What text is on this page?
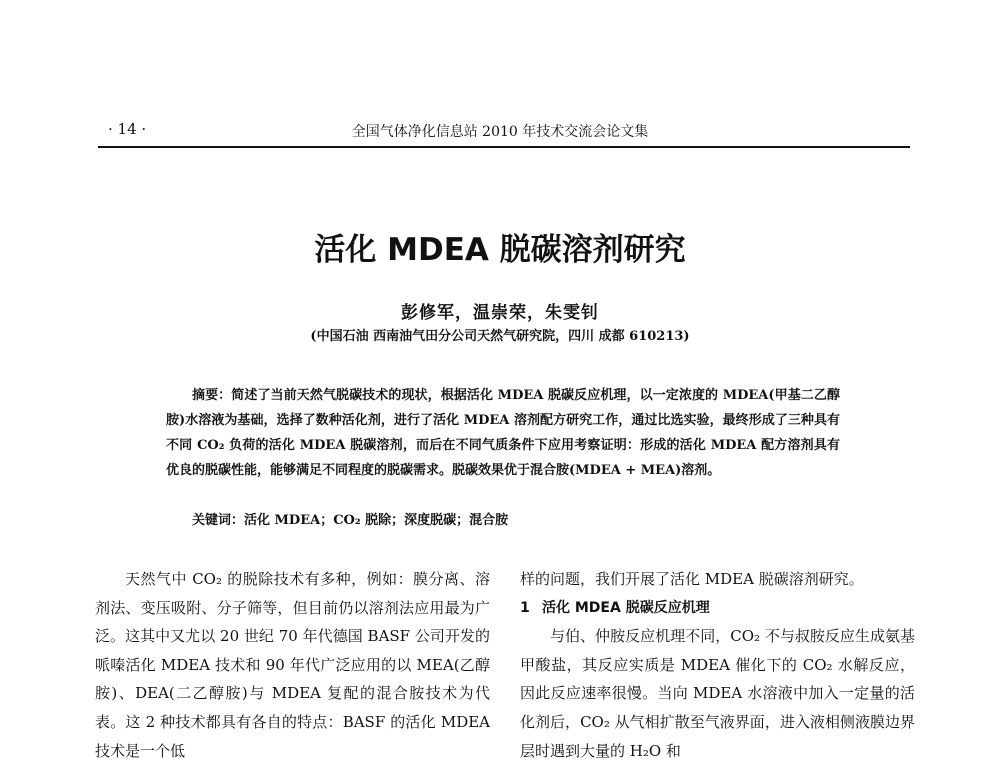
· 14 ·	全国气体净化信息站 2010 年技术交流会论文集
活化 MDEA 脱碳溶剂研究
彭修军，温崇荣，朱雯钊
(中国石油 西南油气田分公司天然气研究院，四川 成都 610213)
摘要：简述了当前天然气脱碳技术的现状，根据活化 MDEA 脱碳反应机理，以一定浓度的 MDEA(甲基二乙醇胺)水溶液为基础，选择了数种活化剂，进行了活化 MDEA 溶剂配方研究工作，通过比选实验，最终形成了三种具有不同 CO₂ 负荷的活化 MDEA 脱碳溶剂，而后在不同气质条件下应用考察证明：形成的活化 MDEA 配方溶剂具有优良的脱碳性能，能够满足不同程度的脱碳需求。脱碳效果优于混合胺(MDEA + MEA)溶剂。
关键词：活化 MDEA；CO₂ 脱除；深度脱碳；混合胺

天然气中 CO₂ 的脱除技术有多种，例如：膜分离、溶剂法、变压吸附、分子筛等，但目前仍以溶剂法应用最为广泛。这其中又尤以 20 世纪 70 年代德国 BASF 公司开发的哌嗪活化 MDEA 技术和 90 年代广泛应用的以 MEA(乙醇胺)、DEA(二乙醇胺)与 MDEA 复配的混合胺技术为代表。这 2 种技术都具有各自的特点：BASF 的活化 MDEA 技术是一个低

样的问题，我们开展了活化 MDEA 脱碳溶剂研究。

1 活化 MDEA 脱碳反应机理

与伯、仲胺反应机理不同，CO₂ 不与叔胺反应生成氨基甲酸盐，其反应实质是 MDEA 催化下的 CO₂ 水解反应，因此反应速率很慢。当向 MDEA 水溶液中加入一定量的活化剂后，CO₂ 从气相扩散至气液界面，进入液相侧液膜边界层时遇到大量的 H₂O 和
